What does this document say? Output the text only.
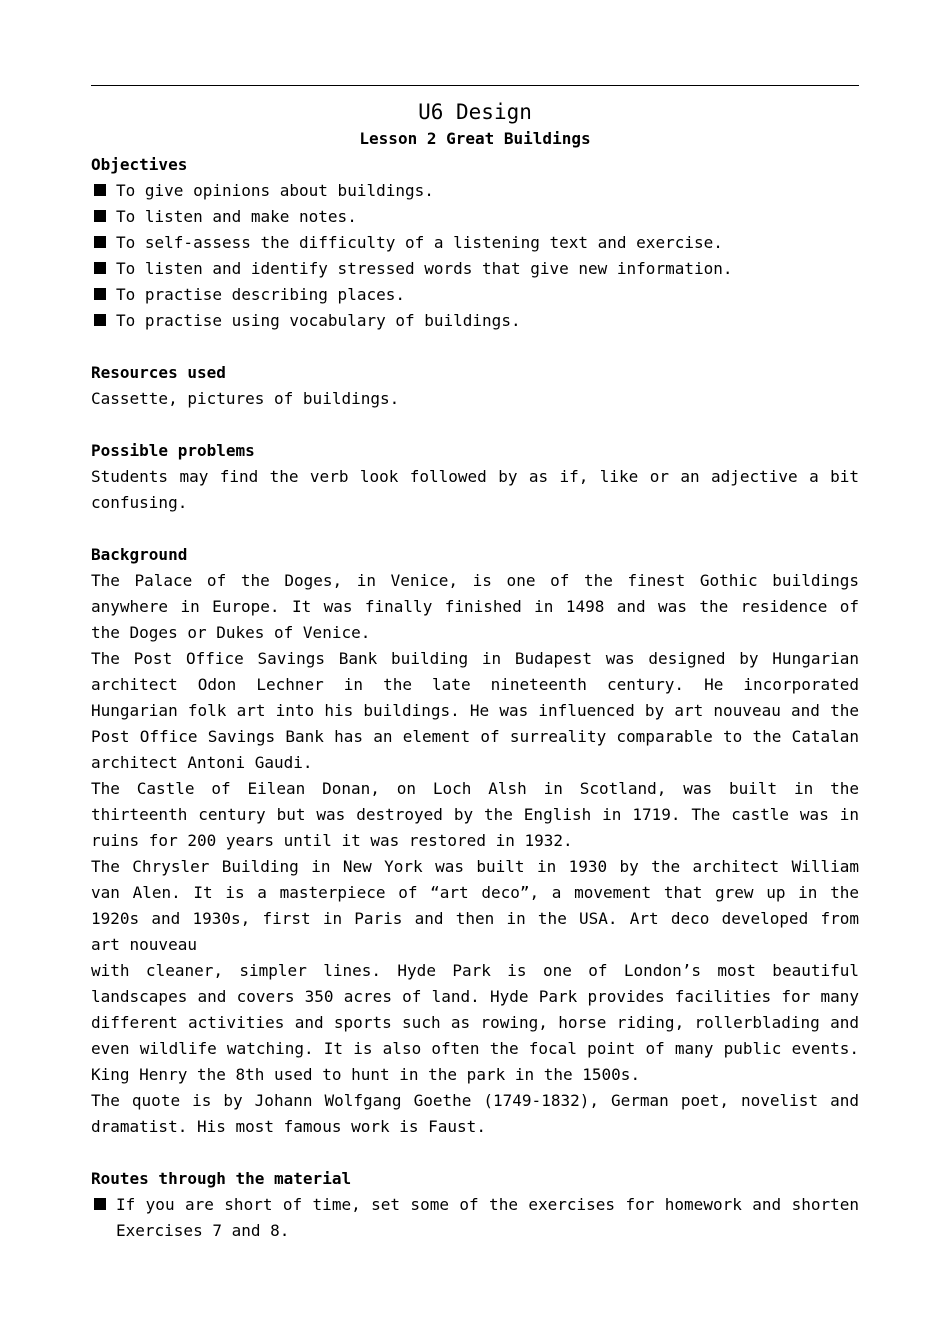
U6 Design

Lesson 2 Great Buildings

Objectives

To give opinions about buildings.
To listen and make notes.
To self-assess the difficulty of a listening text and exercise.
To listen and identify stressed words that give new information.
To practise describing places.
To practise using vocabulary of buildings.

Resources used

Cassette, pictures of buildings.

Possible problems

Students may find the verb look followed by as if, like or an adjective a bit confusing.

Background

The Palace of the Doges, in Venice, is one of the finest Gothic buildings anywhere in Europe. It was finally finished in 1498 and was the residence of the Doges or Dukes of Venice.

The Post Office Savings Bank building in Budapest was designed by Hungarian architect Odon Lechner in the late nineteenth century. He incorporated Hungarian folk art into his buildings. He was influenced by art nouveau and the Post Office Savings Bank has an element of surreality comparable to the Catalan architect Antoni Gaudi.

The Castle of Eilean Donan, on Loch Alsh in Scotland, was built in the thirteenth century but was destroyed by the English in 1719. The castle was in ruins for 200 years until it was restored in 1932.

The Chrysler Building in New York was built in 1930 by the architect William van Alen. It is a masterpiece of “art deco”, a movement that grew up in the 1920s and 1930s, first in Paris and then in the USA. Art deco developed from art nouveau

with cleaner, simpler lines. Hyde Park is one of London’s most beautiful landscapes and covers 350 acres of land. Hyde Park provides facilities for many different activities and sports such as rowing, horse riding, rollerblading and even wildlife watching. It is also often the focal point of many public events. King Henry the 8th used to hunt in the park in the 1500s.

The quote is by Johann Wolfgang Goethe (1749-1832), German poet, novelist and dramatist. His most famous work is Faust.

Routes through the material

If you are short of time, set some of the exercises for homework and shorten Exercises 7 and 8.
